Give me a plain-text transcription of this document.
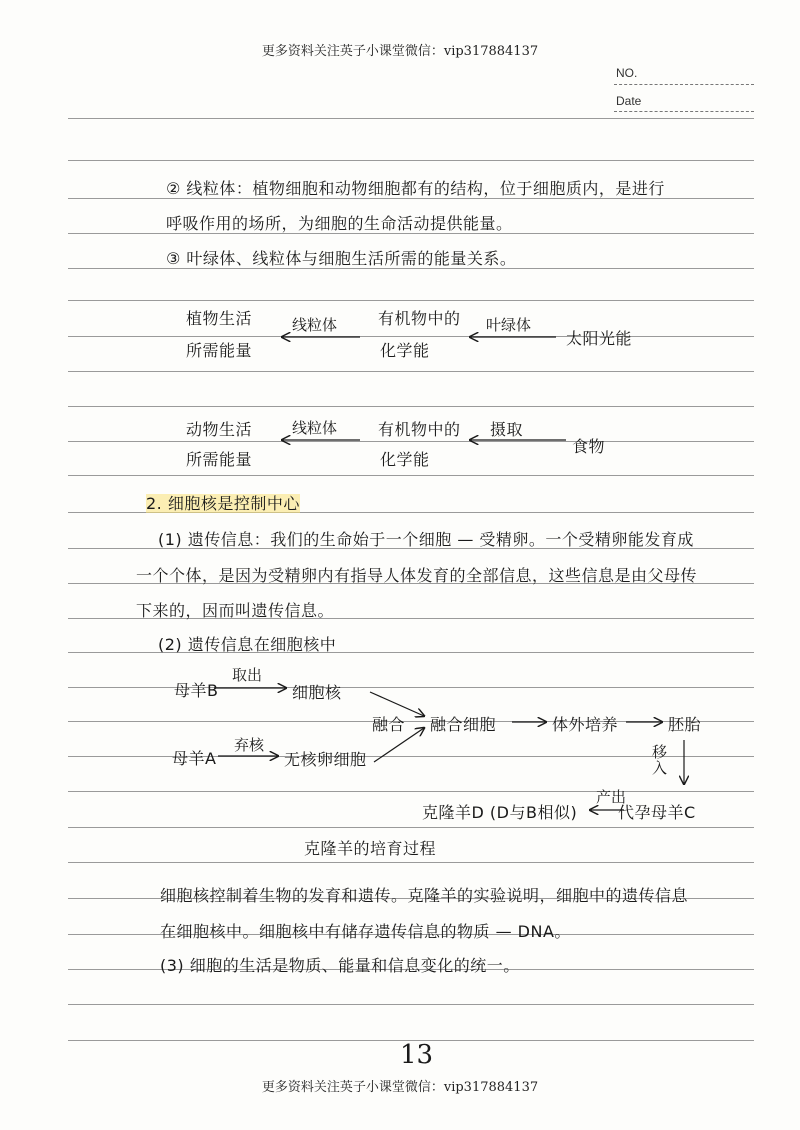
更多资料关注英子小课堂微信：vip317884137
NO.
Date
② 线粒体：植物细胞和动物细胞都有的结构，位于细胞质内，是进行
呼吸作用的场所，为细胞的生命活动提供能量。
③ 叶绿体、线粒体与细胞生活所需的能量关系。
植物生活
所需能量
线粒体	有机物中的
化学能
叶绿体
太阳光能
动物生活
所需能量
线粒体	有机物中的
化学能
摄取
食物
2. 细胞核是控制中心
(1) 遗传信息：我们的生命始于一个细胞 — 受精卵。一个受精卵能发育成
一个个体，是因为受精卵内有指导人体发育的全部信息，这些信息是由父母传
下来的，因而叫遗传信息。
(2) 遗传信息在细胞核中
母羊B
取出
细胞核
融合 融合细胞	体外培养	胚胎
母羊A
弃核
无核卵细胞	移入
克隆羊D (D与B相似)
产出
代孕母羊C
克隆羊的培育过程
细胞核控制着生物的发育和遗传。克隆羊的实验说明，细胞中的遗传信息
在细胞核中。细胞核中有储存遗传信息的物质 — DNA。
(3) 细胞的生活是物质、能量和信息变化的统一。
13
更多资料关注英子小课堂微信：vip317884137
